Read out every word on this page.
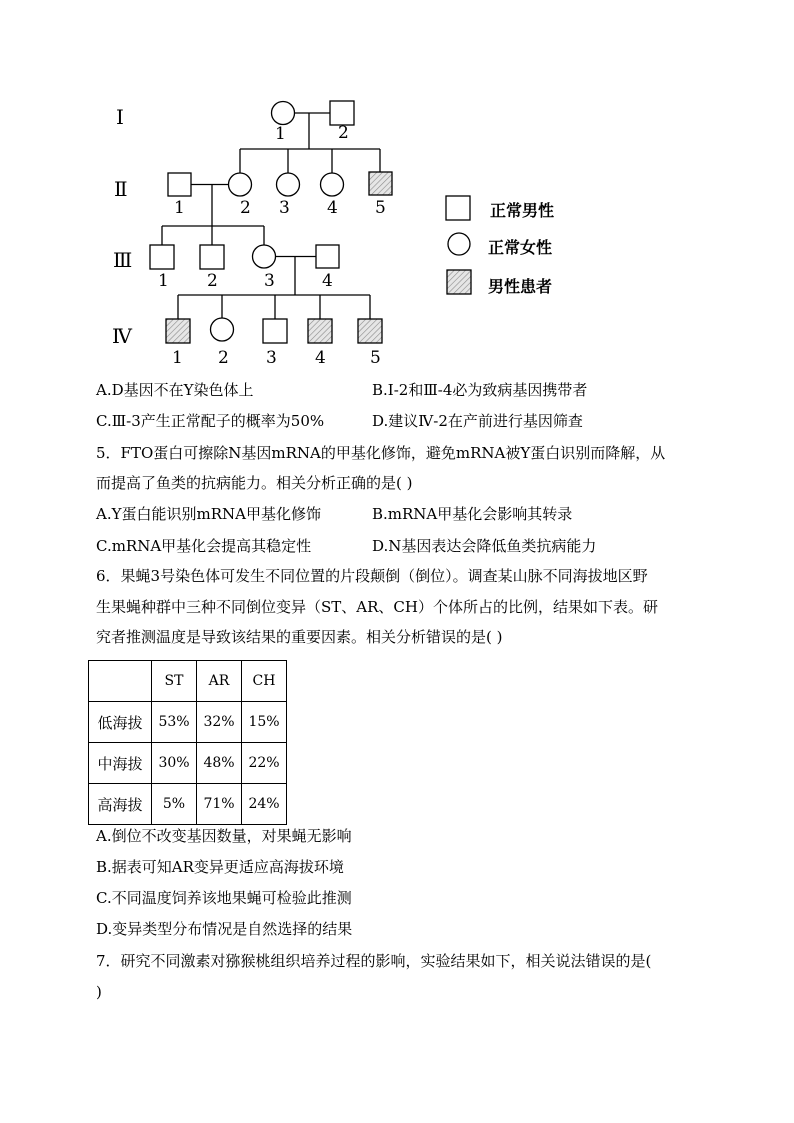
Ⅰ
Ⅱ
Ⅲ
Ⅳ
1	2
1	2 3 4 5
1 2	3	4
1 2 3 4	5
正常男性
正常女性
男性患者
A.D基因不在Y染色体上	B.Ⅰ-2和Ⅲ-4必为致病基因携带者
C.Ⅲ-3产生正常配子的概率为50%	D.建议Ⅳ-2在产前进行基因筛查
5．FTO蛋白可擦除N基因mRNA的甲基化修饰，避免mRNA被Y蛋白识别而降解，从
而提高了鱼类的抗病能力。相关分析正确的是( )
A.Y蛋白能识别mRNA甲基化修饰	B.mRNA甲基化会影响其转录
C.mRNA甲基化会提高其稳定性	D.N基因表达会降低鱼类抗病能力
6．果蝇3号染色体可发生不同位置的片段颠倒（倒位）。调查某山脉不同海拔地区野
生果蝇种群中三种不同倒位变异（ST、AR、CH）个体所占的比例，结果如下表。研
究者推测温度是导致该结果的重要因素。相关分析错误的是( )
	ST	AR	CH
低海拔	53%	32%	15%
中海拔	30%	48%	22%
高海拔	5%	71%	24%
A.倒位不改变基因数量，对果蝇无影响
B.据表可知AR变异更适应高海拔环境
C.不同温度饲养该地果蝇可检验此推测
D.变异类型分布情况是自然选择的结果
7．研究不同激素对猕猴桃组织培养过程的影响，实验结果如下，相关说法错误的是(
)
